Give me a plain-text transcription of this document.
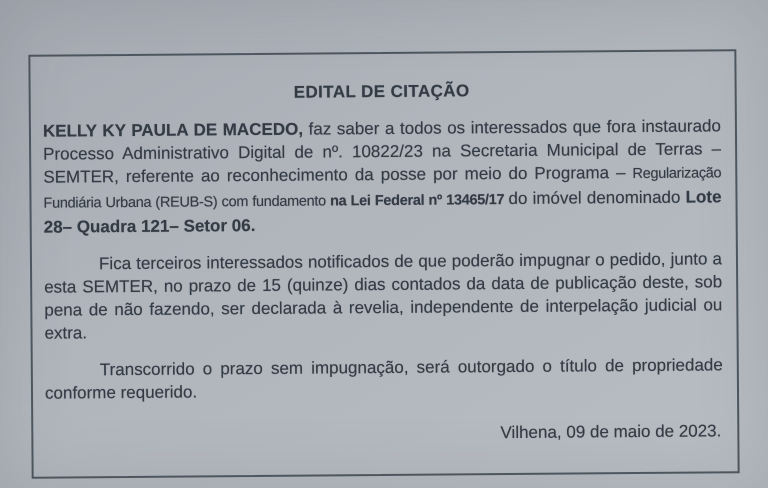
EDITAL DE CITAÇÃO

KELLY KY PAULA DE MACEDO, faz saber a todos os interessados que fora instaurado Processo Administrativo Digital de nº. 10822/23 na Secretaria Municipal de Terras – SEMTER, referente ao reconhecimento da posse por meio do Programa – Regularização Fundiária Urbana (REUB-S) com fundamento na Lei Federal nº 13465/17 do imóvel denominado Lote 28– Quadra 121– Setor 06.

Fica terceiros interessados notificados de que poderão impugnar o pedido, junto a esta SEMTER, no prazo de 15 (quinze) dias contados da data de publicação deste, sob pena de não fazendo, ser declarada à revelia, independente de interpelação judicial ou extra.

Transcorrido o prazo sem impugnação, será outorgado o título de propriedade conforme requerido.

Vilhena, 09 de maio de 2023.
